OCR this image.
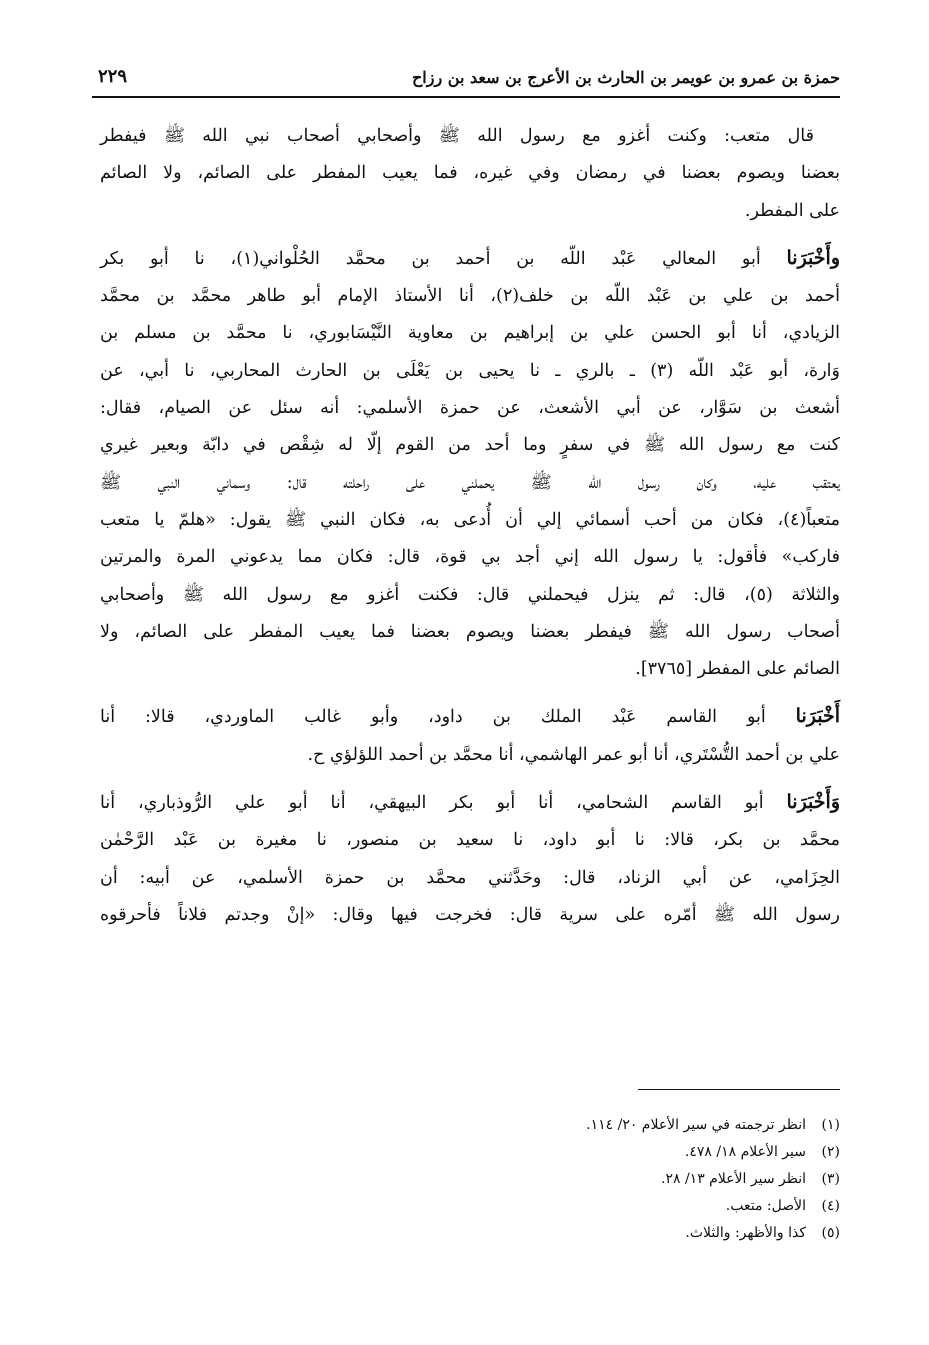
حمزة بن عمرو بن عويمر بن الحارث بن الأعرج بن سعد بن رزاح
٢٢٩

قال متعب: وكنت أغزو مع رسول الله ﷺ وأصحابي أصحاب نبي الله ﷺ فيفطر
بعضنا ويصوم بعضنا في رمضان وفي غيره، فما يعيب المفطر على الصائم، ولا الصائم
على المفطر.

وأَخْبَرَنا أبو المعالي عَبْد اللّه بن أحمد بن محمَّد الحُلْواني(١)، نا أبو بكر
أحمد بن علي بن عَبْد اللّه بن خلف(٢)، أنا الأستاذ الإمام أبو طاهر محمَّد بن محمَّد
الزيادي، أنا أبو الحسن علي بن إبراهيم بن معاوية النَّيْسَابوري، نا محمَّد بن مسلم بن
وَارة، أبو عَبْد اللّه (٣) ـ بالري ـ نا يحيى بن يَعْلَى بن الحارث المحاربي، نا أبي، عن
أشعث بن سَوَّار، عن أبي الأشعث، عن حمزة الأسلمي: أنه سئل عن الصيام، فقال:
كنت مع رسول الله ﷺ في سفرٍ وما أحد من القوم إلّا له شِقْص في دابّة وبعير غيري
يعتقب عليه، وكان رسول الله ﷺ يحملني على راحلته قال: وسماني النبي ﷺ
متعباً(٤)، فكان من أحب أسمائي إلي أن أُدعى به، فكان النبي ﷺ يقول: «هلمّ يا متعب
فاركب» فأقول: يا رسول الله إني أجد بي قوة، قال: فكان مما يدعوني المرة والمرتين
والثلاثة (٥)، قال: ثم ينزل فيحملني قال: فكنت أغزو مع رسول الله ﷺ وأصحابي
أصحاب رسول الله ﷺ فيفطر بعضنا ويصوم بعضنا فما يعيب المفطر على الصائم، ولا
الصائم على المفطر [٣٧٦٥].

أَخْبَرَنا أبو القاسم عَبْد الملك بن داود، وأبو غالب الماوردي، قالا: أنا
علي بن أحمد التُّسْتَري، أنا أبو عمر الهاشمي، أنا محمَّد بن أحمد اللؤلؤي ح.

وَأَخْبَرَنا أبو القاسم الشحامي، أنا أبو بكر البيهقي، أنا أبو علي الرُّوذباري، أنا
محمَّد بن بكر، قالا: نا أبو داود، نا سعيد بن منصور، نا مغيرة بن عَبْد الرَّحْمٰن
الحِزَامي، عن أبي الزناد، قال: وحَدَّثني محمَّد بن حمزة الأسلمي، عن أبيه: أن
رسول الله ﷺ أمّره على سرية قال: فخرجت فيها وقال: «إنْ وجدتم فلاناً فأحرقوه

(١)انظر ترجمته في سير الأعلام ٢٠/ ١١٤.
(٢)سير الأعلام ١٨/ ٤٧٨.
(٣)انظر سير الأعلام ١٣/ ٢٨.
(٤)الأصل: متعب.
(٥)كذا والأظهر: والثلاث.
